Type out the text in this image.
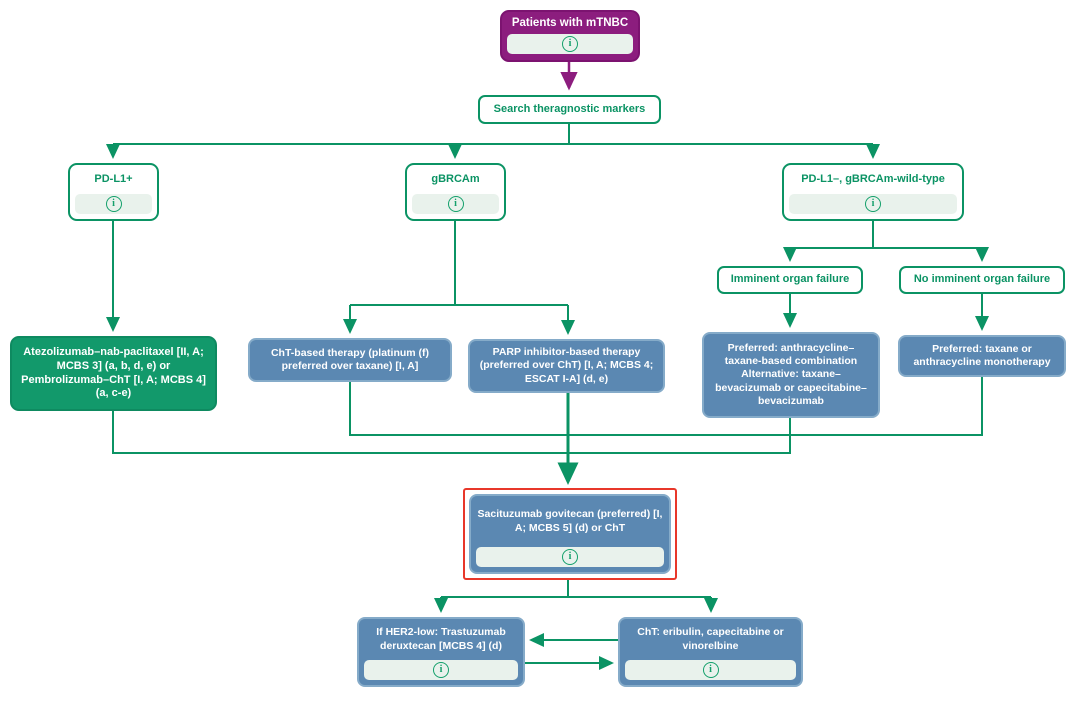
Patients with mTNBC
i
Search theragnostic markers
PD-L1+
i
gBRCAm
i
PD-L1–, gBRCAm-wild-type
i
Imminent organ failure	No imminent organ failure
Atezolizumab–nab-paclitaxel [II, A; MCBS 3] (a, b, d, e) or Pembrolizumab–ChT [I, A; MCBS 4] (a, c-e)
ChT-based therapy (platinum (f) preferred over taxane) [I, A]
PARP inhibitor-based therapy (preferred over ChT) [I, A; MCBS 4; ESCAT I-A] (d, e)
Preferred: anthracycline–taxane-based combination Alternative: taxane–bevacizumab or capecitabine–bevacizumab
Preferred: taxane or anthracycline monotherapy
Sacituzumab govitecan (preferred) [I, A; MCBS 5] (d) or ChT
i
If HER2-low: Trastuzumab deruxtecan [MCBS 4] (d)
i
ChT: eribulin, capecitabine or vinorelbine
i
